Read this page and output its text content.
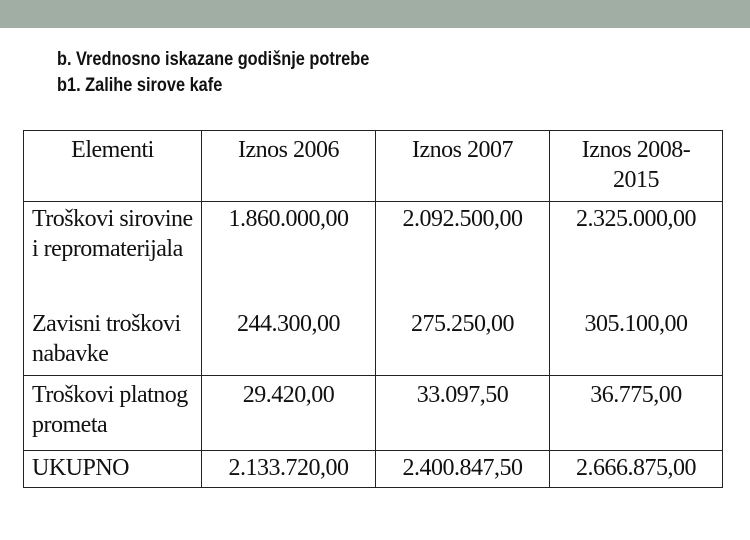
b. Vrednosno iskazane godišnje potrebe
b1. Zalihe sirove kafe
Elementi	Iznos 2006	Iznos 2007	Iznos 2008-
2015
Troškovi sirovine i repromaterijala	1.860.000,00	2.092.500,00	2.325.000,00
Zavisni troškovi nabavke	244.300,00	275.250,00	305.100,00
Troškovi platnog prometa	29.420,00	33.097,50	36.775,00
UKUPNO	2.133.720,00	2.400.847,50	2.666.875,00
